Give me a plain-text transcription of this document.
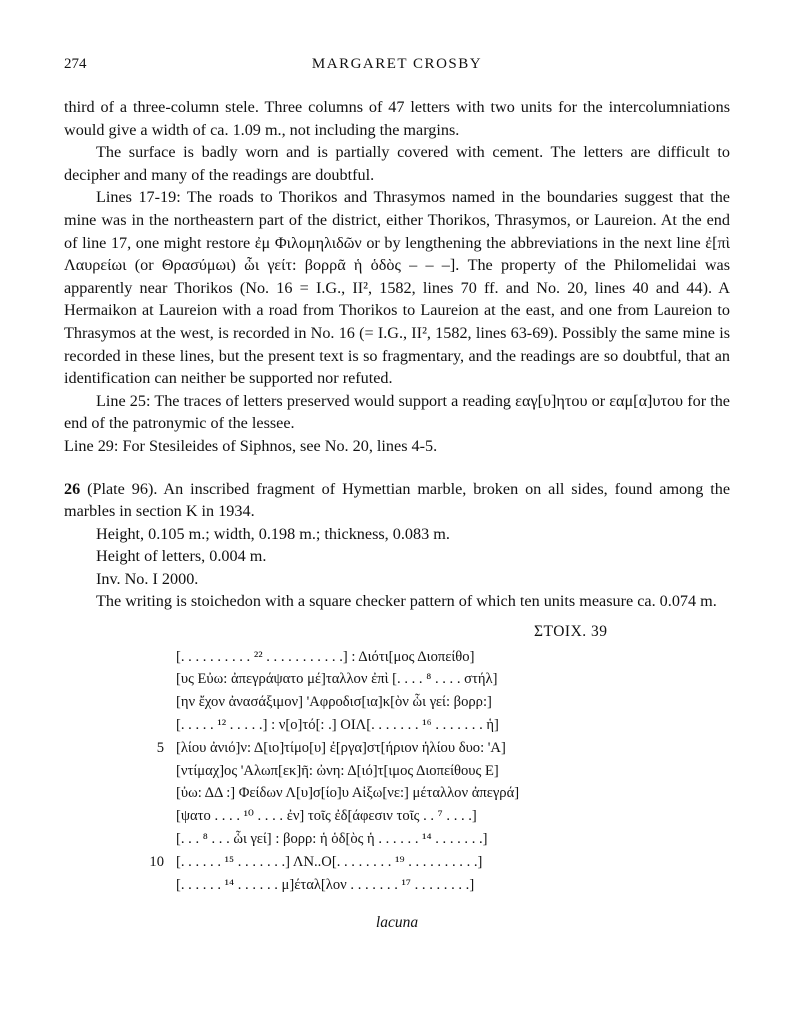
274	MARGARET CROSBY

third of a three-column stele. Three columns of 47 letters with two units for the intercolumniations would give a width of ca. 1.09 m., not including the margins.

The surface is badly worn and is partially covered with cement. The letters are difficult to decipher and many of the readings are doubtful.

Lines 17-19: The roads to Thorikos and Thrasymos named in the boundaries suggest that the mine was in the northeastern part of the district, either Thorikos, Thrasymos, or Laureion. At the end of line 17, one might restore ἐμ Φιλομηλιδῶν or by lengthening the abbreviations in the next line ἐ[πὶ Λαυρείωι (or Θρασύμωι) ὧι γείτ: βορρᾶ ἡ ὁδὸς – – –]. The property of the Philomelidai was apparently near Thorikos (No. 16 = I.G., II², 1582, lines 70 ff. and No. 20, lines 40 and 44). A Hermaikon at Laureion with a road from Thorikos to Laureion at the east, and one from Laureion to Thrasymos at the west, is recorded in No. 16 (= I.G., II², 1582, lines 63-69). Possibly the same mine is recorded in these lines, but the present text is so fragmentary, and the readings are so doubtful, that an identification can neither be supported nor refuted.

Line 25: The traces of letters preserved would support a reading εαγ[υ]ητου or εαμ[α]υτου for the end of the patronymic of the lessee.

Line 29: For Stesileides of Siphnos, see No. 20, lines 4-5.

26 (Plate 96). An inscribed fragment of Hymettian marble, broken on all sides, found among the marbles in section K in 1934.

Height, 0.105 m.; width, 0.198 m.; thickness, 0.083 m.

Height of letters, 0.004 m.

Inv. No. I 2000.

The writing is stoichedon with a square checker pattern of which ten units measure ca. 0.074 m.

ΣΤΟΙΧ. 39
[. . . . . . . . . . ²² . . . . . . . . . . .] : Διότι[μος Διοπείθο]
[υς Εὐω: ἀπεγράψατο μέ]ταλλον ἐπὶ [. . . . ⁸ . . . . στήλ]
[ην ἔχον ἀνασάξιμον] 'Αφροδισ[ια]κ[ὸν ὧι γεί: βορρ:]
[. . . . . ¹² . . . . .] : ν[ο]τό[: .] ΟΙΛ[. . . . . . . ¹⁶ . . . . . . . ἡ]
5 [λίου ἀνιό]ν: Δ[ιο]τίμο[υ] ἐ[ργα]στ[ήριον ἡλίου δυο: 'Α]
[ντίμαχ]ος 'Αλωπ[εκ]ῆ: ὠνη: Δ[ιό]τ[ιμος Διοπείθους Ε]
[ὐω: ΔΔ :] Φείδων Λ[υ]σ[ίο]υ Αἰξω[νε:] μέταλλον ἀπεγρά]
[ψατο . . . . ¹⁰ . . . . ἐν] τοῖς ἐδ[άφεσιν τοῖς . . ⁷ . . . .]
[. . . ⁸ . . . ὧι γεί] : βορρ: ἡ ὁδ[ὸς ἡ . . . . . . ¹⁴ . . . . . . .]
10 [. . . . . . ¹⁵ . . . . . . .] ΛΝ..Ο[. . . . . . . . ¹⁹ . . . . . . . . . .]
[. . . . . . ¹⁴ . . . . . . μ]έταλ[λον . . . . . . . ¹⁷ . . . . . . . .]
lacuna
